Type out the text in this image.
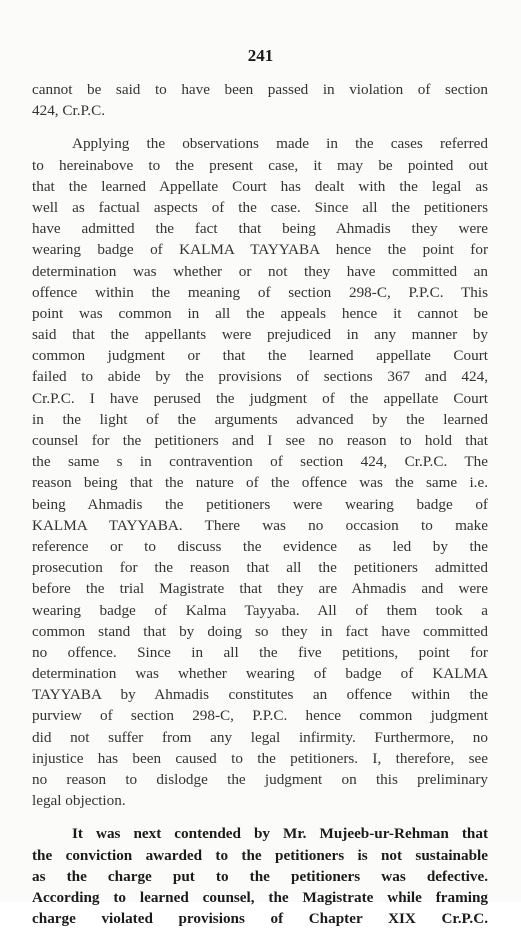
241
cannot be said to have been passed in violation of section 424, Cr.P.C.
Applying the observations made in the cases referred to hereinabove to the present case, it may be pointed out that the learned Appellate Court has dealt with the legal as well as factual aspects of the case. Since all the petitioners have admitted the fact that being Ahmadis they were wearing badge of KALMA TAYYABA hence the point for determination was whether or not they have committed an offence within the meaning of section 298-C, P.P.C. This point was common in all the appeals hence it cannot be said that the appellants were prejudiced in any manner by common judgment or that the learned appellate Court failed to abide by the provisions of sections 367 and 424, Cr.P.C. I have perused the judgment of the appellate Court in the light of the arguments advanced by the learned counsel for the petitioners and I see no reason to hold that the same s in contravention of section 424, Cr.P.C. The reason being that the nature of the offence was the same i.e. being Ahmadis the petitioners were wearing badge of KALMA TAYYABA. There was no occasion to make reference or to discuss the evidence as led by the prosecution for the reason that all the petitioners admitted before the trial Magistrate that they are Ahmadis and were wearing badge of Kalma Tayyaba. All of them took a common stand that by doing so they in fact have committed no offence. Since in all the five petitions, point for determination was whether wearing of badge of KALMA TAYYABA by Ahmadis constitutes an offence within the purview of section 298-C, P.P.C. hence common judgment did not suffer from any legal infirmity. Furthermore, no injustice has been caused to the petitioners. I, therefore, see no reason to dislodge the judgment on this preliminary legal objection.
It was next contended by Mr. Mujeeb-ur-Rehman that the conviction awarded to the petitioners is not sustainable as the charge put to the petitioners was defective. According to learned counsel, the Magistrate while framing charge violated provisions of Chapter XIX Cr.P.C.
